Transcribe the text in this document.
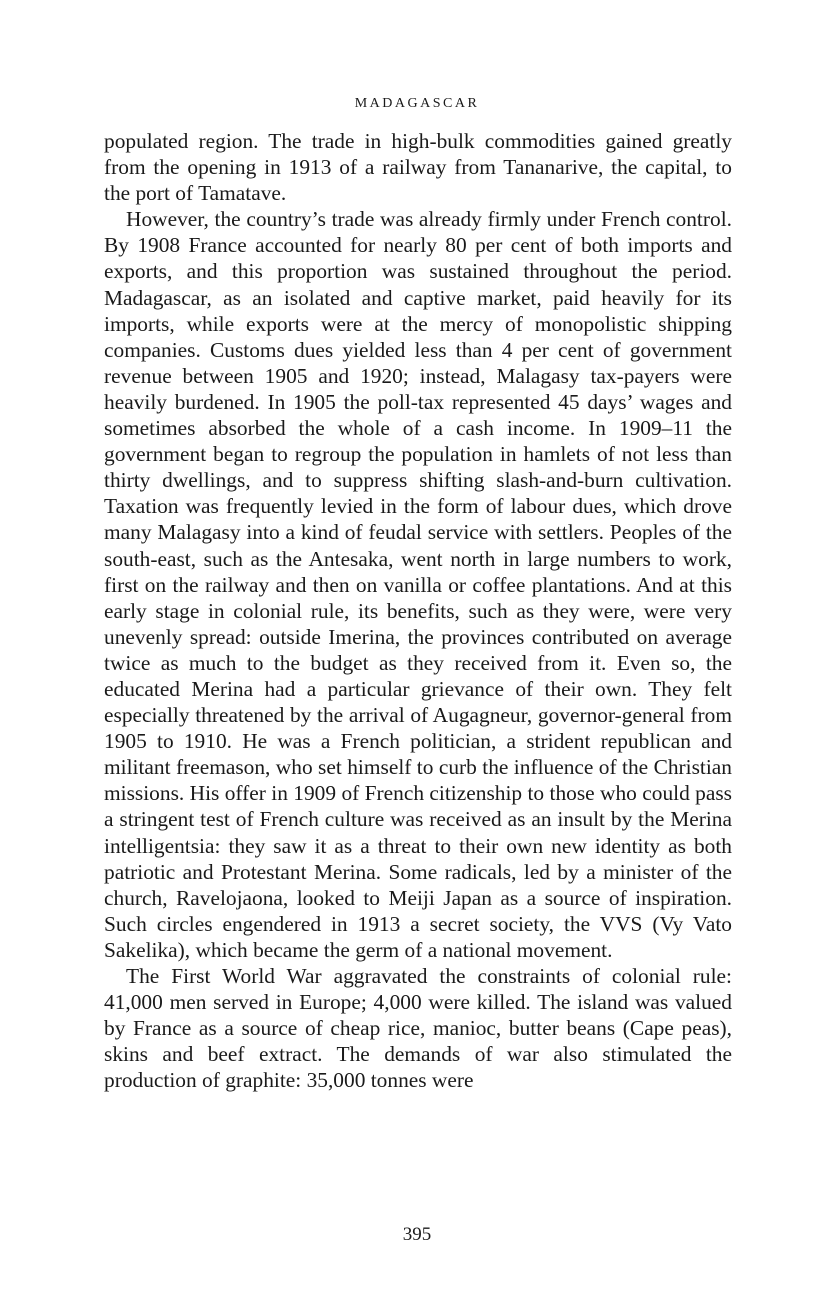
MADAGASCAR

populated region. The trade in high-bulk commodities gained greatly from the opening in 1913 of a railway from Tananarive, the capital, to the port of Tamatave.

However, the country’s trade was already firmly under French control. By 1908 France accounted for nearly 80 per cent of both imports and exports, and this proportion was sustained throughout the period. Madagascar, as an isolated and captive market, paid heavily for its imports, while exports were at the mercy of monopolistic shipping companies. Customs dues yielded less than 4 per cent of government revenue between 1905 and 1920; instead, Malagasy tax-payers were heavily burdened. In 1905 the poll-tax represented 45 days’ wages and sometimes absorbed the whole of a cash income. In 1909–11 the government began to regroup the population in hamlets of not less than thirty dwellings, and to suppress shifting slash-and-burn cultivation. Taxation was frequently levied in the form of labour dues, which drove many Malagasy into a kind of feudal service with settlers. Peoples of the south-east, such as the Antesaka, went north in large numbers to work, first on the railway and then on vanilla or coffee plantations. And at this early stage in colonial rule, its benefits, such as they were, were very unevenly spread: outside Imerina, the provinces contributed on average twice as much to the budget as they received from it. Even so, the educated Merina had a particular grievance of their own. They felt especially threatened by the arrival of Augagneur, governor-general from 1905 to 1910. He was a French politician, a strident republican and militant freemason, who set himself to curb the influence of the Christian missions. His offer in 1909 of French citizenship to those who could pass a stringent test of French culture was received as an insult by the Merina intelligentsia: they saw it as a threat to their own new identity as both patriotic and Protestant Merina. Some radicals, led by a minister of the church, Ravelojaona, looked to Meiji Japan as a source of inspiration. Such circles engendered in 1913 a secret society, the VVS (Vy Vato Sakelika), which became the germ of a national movement.

The First World War aggravated the constraints of colonial rule: 41,000 men served in Europe; 4,000 were killed. The island was valued by France as a source of cheap rice, manioc, butter beans (Cape peas), skins and beef extract. The demands of war also stimulated the production of graphite: 35,000 tonnes were

395
